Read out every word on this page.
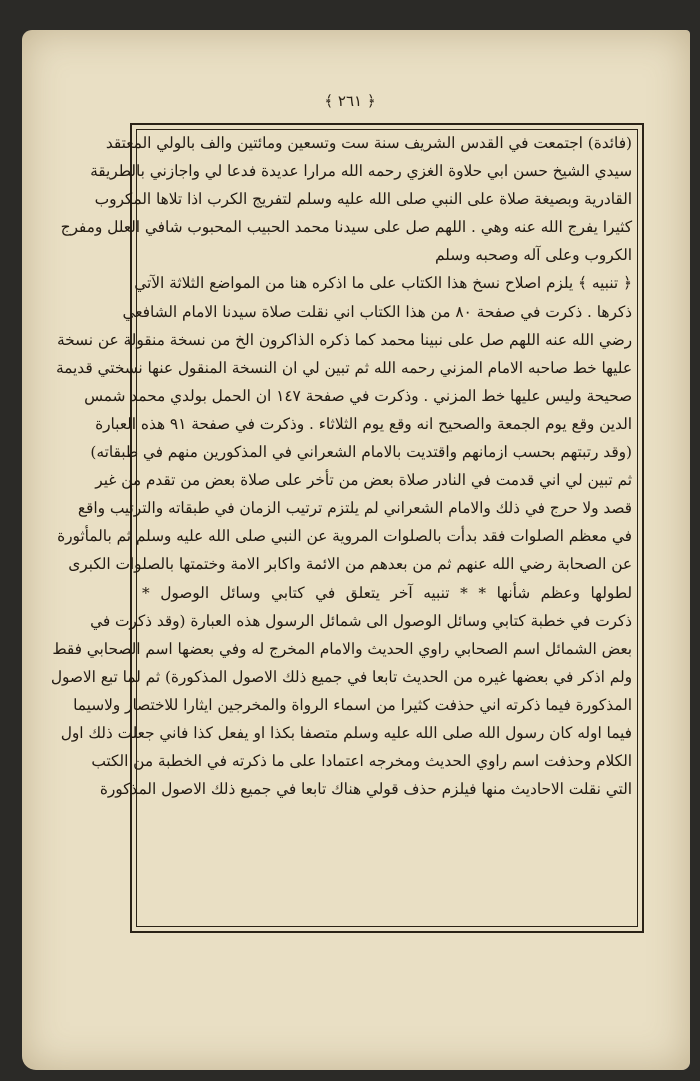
﴿ ٢٦١ ﴾
(فائدة) اجتمعت في القدس الشريف سنة ست وتسعين ومائتين والف بالولي المعتقد
سيدي الشيخ حسن ابي حلاوة الغزي رحمه الله مرارا عديدة فدعا لي واجازني بالطريقة
القادرية وبصيغة صلاة على النبي صلى الله عليه وسلم لتفريج الكرب اذا تلاها المكروب
كثيرا يفرج الله عنه وهي . اللهم صل على سيدنا محمد الحبيب المحبوب شافي العلل ومفرج
الكروب وعلى آله وصحبه وسلم
﴿ تنبيه ﴾ يلزم اصلاح نسخ هذا الكتاب على ما اذكره هنا من المواضع الثلاثة الآتي
ذكرها . ذكرت في صفحة ٨٠ من هذا الكتاب اني نقلت صلاة سيدنا الامام الشافعي
رضي الله عنه اللهم صل على نبينا محمد كما ذكره الذاكرون الخ من نسخة منقولة عن نسخة
عليها خط صاحبه الامام المزني رحمه الله ثم تبين لي ان النسخة المنقول عنها نسختي قديمة
صحيحة وليس عليها خط المزني . وذكرت في صفحة ١٤٧ ان الحمل بولدي محمد شمس
الدين وقع يوم الجمعة والصحيح انه وقع يوم الثلاثاء . وذكرت في صفحة ٩١ هذه العبارة
(وقد رتبتهم بحسب ازمانهم واقتديت بالامام الشعراني في المذكورين منهم في طبقاته)
ثم تبين لي اني قدمت في النادر صلاة بعض من تأخر على صلاة بعض من تقدم من غير
قصد ولا حرج في ذلك والامام الشعراني لم يلتزم ترتيب الزمان في طبقاته والترتيب واقع
في معظم الصلوات فقد بدأت بالصلوات المروية عن النبي صلى الله عليه وسلم ثم بالمأثورة
عن الصحابة رضي الله عنهم ثم من بعدهم من الائمة واكابر الامة وختمتها بالصلوات الكبرى
لطولها وعظم شأنها * * تنبيه آخر يتعلق في كتابي وسائل الوصول *
ذكرت في خطبة كتابي وسائل الوصول الى شمائل الرسول هذه العبارة (وقد ذكرت في
بعض الشمائل اسم الصحابي راوي الحديث والامام المخرج له وفي بعضها اسم الصحابي فقط
ولم اذكر في بعضها غيره من الحديث تابعا في جميع ذلك الاصول المذكورة) ثم لما تبع الاصول
المذكورة فيما ذكرته اني حذفت كثيرا من اسماء الرواة والمخرجين ايثارا للاختصار ولاسيما
فيما اوله كان رسول الله صلى الله عليه وسلم متصفا بكذا او يفعل كذا فاني جعلت ذلك اول
الكلام وحذفت اسم راوي الحديث ومخرجه اعتمادا على ما ذكرته في الخطبة من الكتب
التي نقلت الاحاديث منها فيلزم حذف قولي هناك تابعا في جميع ذلك الاصول المذكورة
